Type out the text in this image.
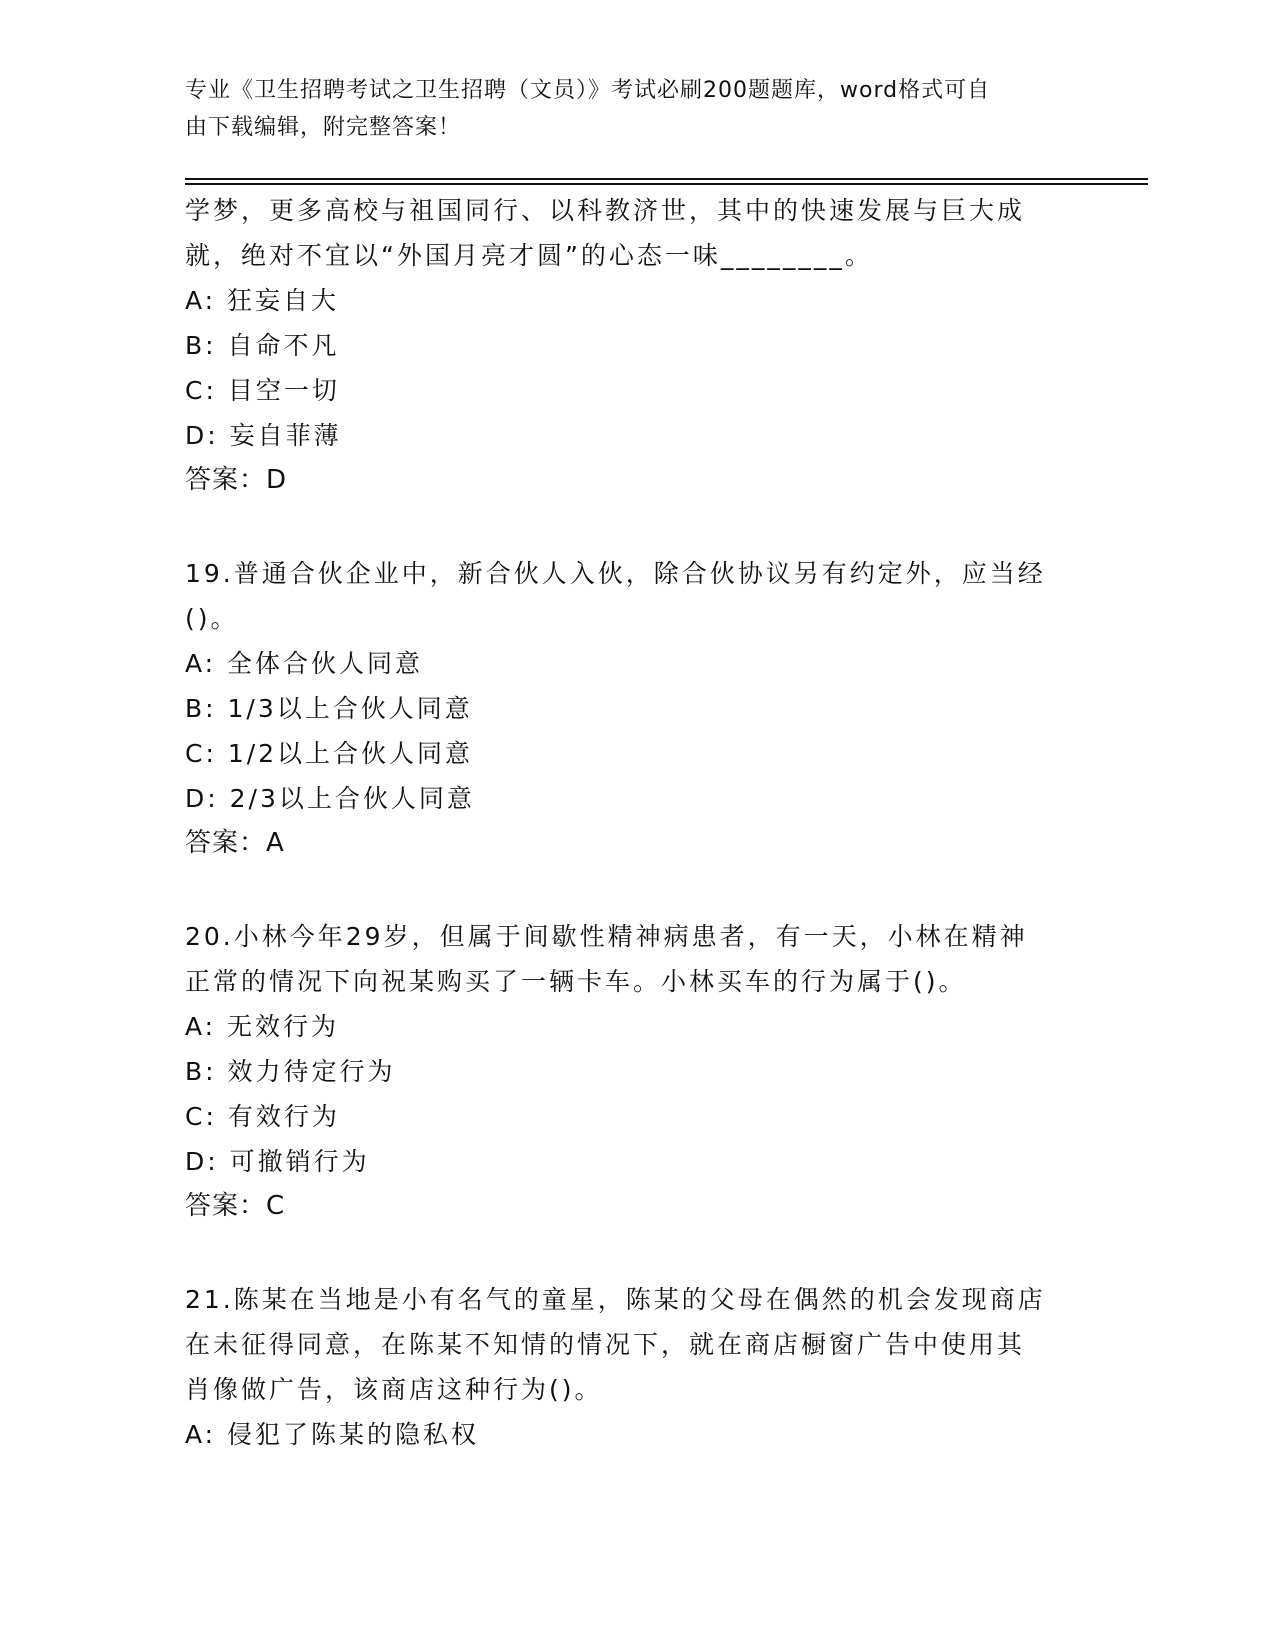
专业《卫生招聘考试之卫生招聘（文员）》考试必刷200题题库，word格式可自
由下载编辑，附完整答案！
学梦，更多高校与祖国同行、以科教济世，其中的快速发展与巨大成
就，绝对不宜以“外国月亮才圆”的心态一味________。
A: 狂妄自大
B: 自命不凡
C: 目空一切
D: 妄自菲薄
答案：D
19.普通合伙企业中，新合伙人入伙，除合伙协议另有约定外，应当经
()。
A: 全体合伙人同意
B: 1/3以上合伙人同意
C: 1/2以上合伙人同意
D: 2/3以上合伙人同意
答案：A
20.小林今年29岁，但属于间歇性精神病患者，有一天，小林在精神
正常的情况下向祝某购买了一辆卡车。小林买车的行为属于()。
A: 无效行为
B: 效力待定行为
C: 有效行为
D: 可撤销行为
答案：C
21.陈某在当地是小有名气的童星，陈某的父母在偶然的机会发现商店
在未征得同意，在陈某不知情的情况下，就在商店橱窗广告中使用其
肖像做广告，该商店这种行为()。
A: 侵犯了陈某的隐私权
